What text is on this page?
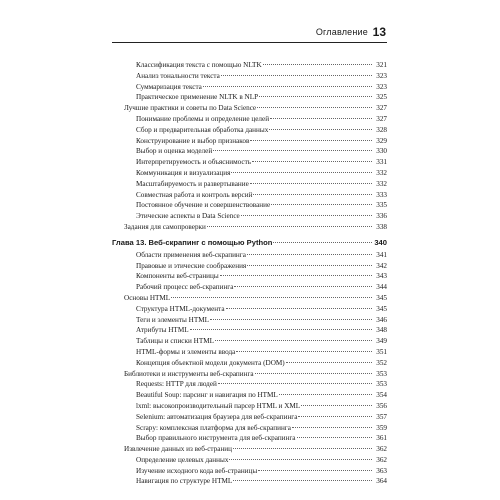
Оглавление 13
Классификация текста с помощью NLTK	321
Анализ тональности текста	323
Суммаризация текста	323
Практическое применение NLTK в NLP	325
Лучшие практики и советы по Data Science	327
Понимание проблемы и определение целей	327
Сбор и предварительная обработка данных	328
Конструирование и выбор признаков	329
Выбор и оценка моделей	330
Интерпретируемость и объяснимость	331
Коммуникация и визуализация	332
Масштабируемость и развертывание	332
Совместная работа и контроль версий	333
Постоянное обучение и совершенствование	335
Этические аспекты в Data Science	336
Задания для самопроверки	338
Глава 13. Веб-скрапинг с помощью Python	340
Области применения веб-скрапинга	341
Правовые и этические соображения	342
Компоненты веб-страницы	343
Рабочий процесс веб-скрапинга	344
Основы HTML	345
Структура HTML-документа	345
Теги и элементы HTML	346
Атрибуты HTML	348
Таблицы и списки HTML	349
HTML-формы и элементы ввода	351
Концепция объектной модели документа (DOM)	352
Библиотеки и инструменты веб-скрапинга	353
Requests: HTTP для людей	353
Beautiful Soup: парсинг и навигация по HTML	354
lxml: высокопроизводительный парсер HTML и XML	356
Selenium: автоматизация браузера для веб-скрапинга	357
Scrapy: комплексная платформа для веб-скрапинга	359
Выбор правильного инструмента для веб-скрапинга	361
Извлечение данных из веб-страниц	362
Определение целевых данных	362
Изучение исходного кода веб-страницы	363
Навигация по структуре HTML	364
